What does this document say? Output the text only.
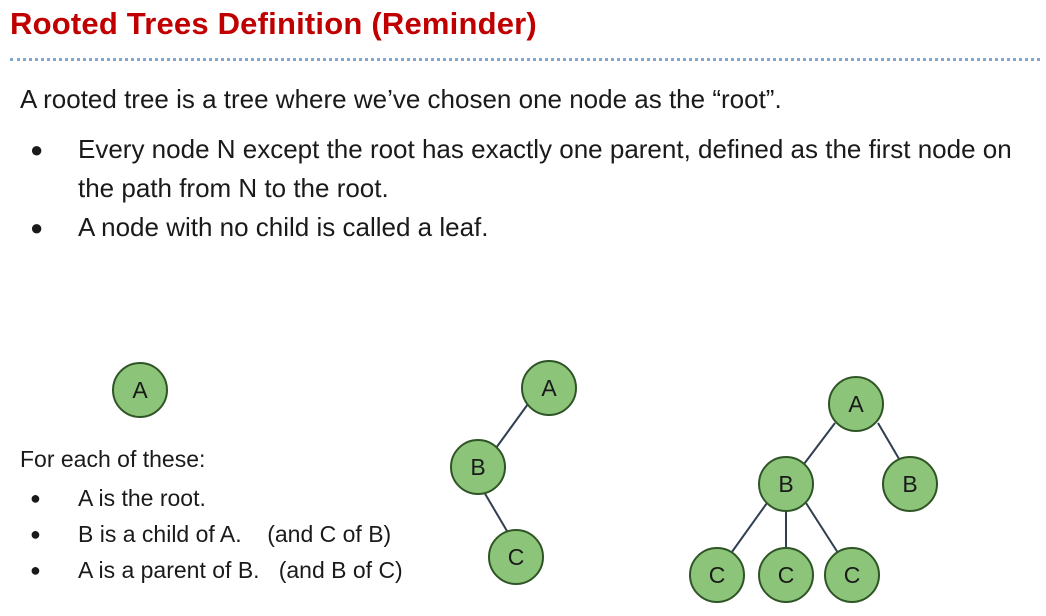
Rooted Trees Definition (Reminder)
A rooted tree is a tree where we’ve chosen one node as the “root”.
● Every node N except the root has exactly one parent, defined as the first node on the path from N to the root.
● A node with no child is called a leaf.
For each of these:
● A is the root.
● B is a child of A.    (and C of B)
● A is a parent of B.   (and B of C)
A	A
B
C
A
B	B
C C C
